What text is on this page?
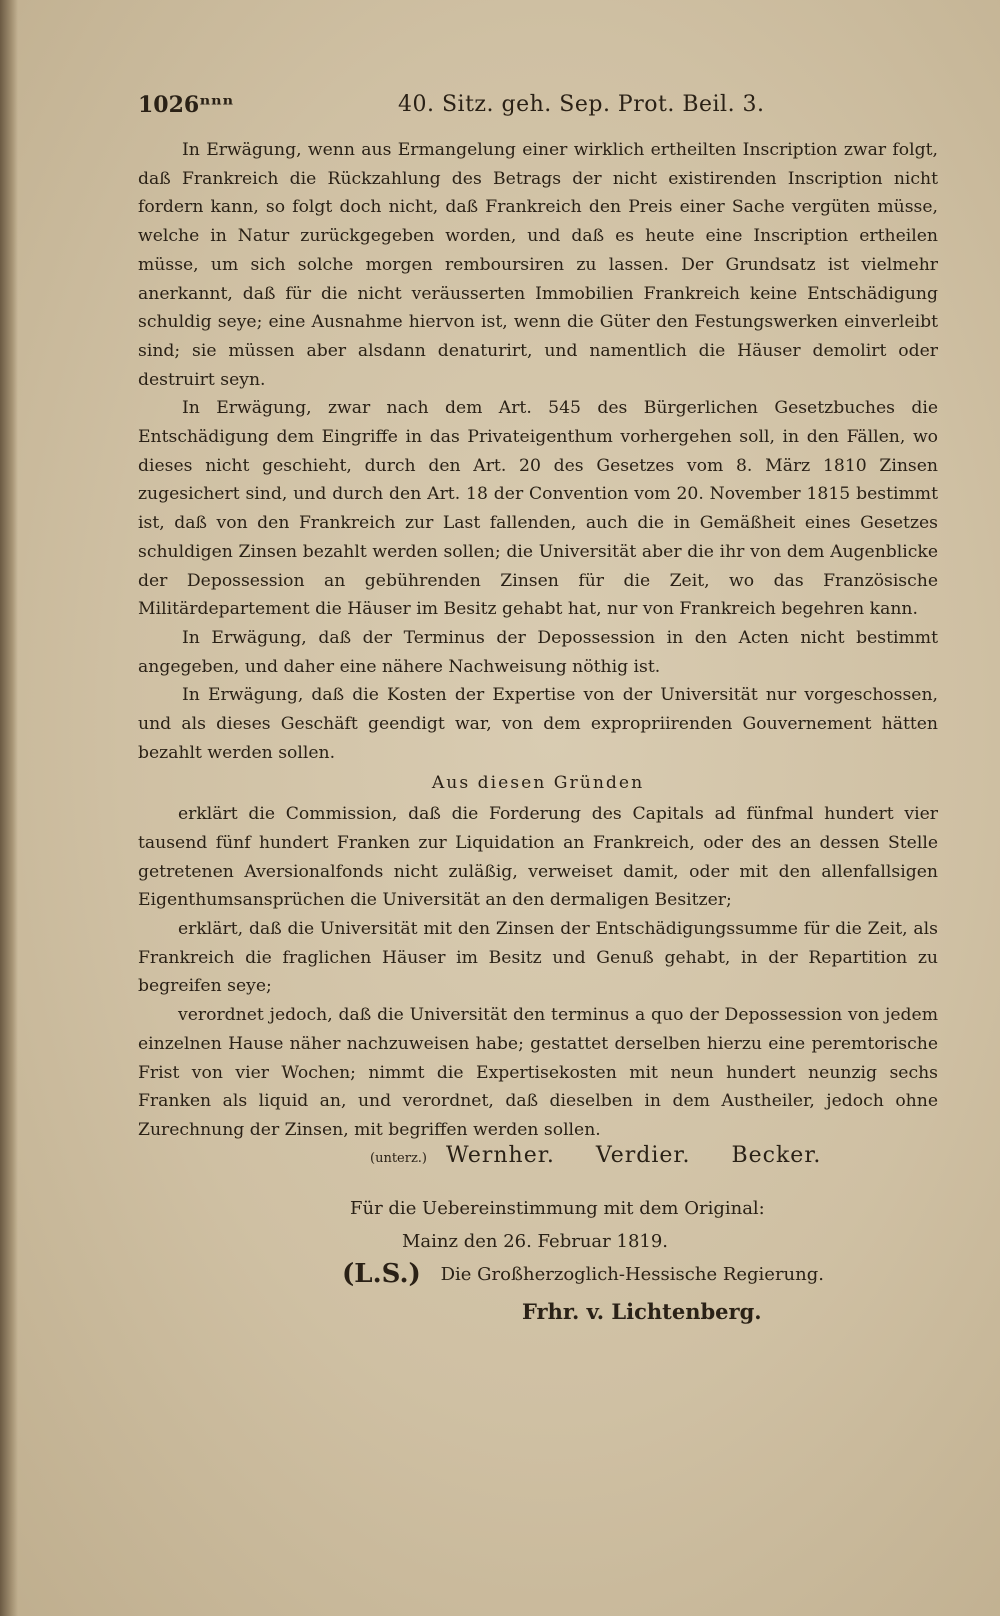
1026ⁿⁿⁿ	40. Sitz. geh. Sep. Prot. Beil. 3.

In Erwägung, wenn aus Ermangelung einer wirklich ertheilten Inscription zwar folgt, daß Frankreich die Rückzahlung des Betrags der nicht existirenden Inscription nicht fordern kann, so folgt doch nicht, daß Frankreich den Preis einer Sache vergüten müsse, welche in Natur zurückgegeben worden, und daß es heute eine Inscription ertheilen müsse, um sich solche morgen remboursiren zu lassen. Der Grundsatz ist vielmehr anerkannt, daß für die nicht veräusserten Immobilien Frankreich keine Entschädigung schuldig seye; eine Ausnahme hiervon ist, wenn die Güter den Festungswerken einverleibt sind; sie müssen aber alsdann denaturirt, und namentlich die Häuser demolirt oder destruirt seyn.

In Erwägung, zwar nach dem Art. 545 des Bürgerlichen Gesetzbuches die Entschädigung dem Eingriffe in das Privateigenthum vorhergehen soll, in den Fällen, wo dieses nicht geschieht, durch den Art. 20 des Gesetzes vom 8. März 1810 Zinsen zugesichert sind, und durch den Art. 18 der Convention vom 20. November 1815 bestimmt ist, daß von den Frankreich zur Last fallenden, auch die in Gemäßheit eines Gesetzes schuldigen Zinsen bezahlt werden sollen; die Universität aber die ihr von dem Augenblicke der Depossession an gebührenden Zinsen für die Zeit, wo das Französische Militärdepartement die Häuser im Besitz gehabt hat, nur von Frankreich begehren kann.

In Erwägung, daß der Terminus der Depossession in den Acten nicht bestimmt angegeben, und daher eine nähere Nachweisung nöthig ist.

In Erwägung, daß die Kosten der Expertise von der Universität nur vorgeschossen, und als dieses Geschäft geendigt war, von dem expropriirenden Gouvernement hätten bezahlt werden sollen.

Aus diesen Gründen

erklärt die Commission, daß die Forderung des Capitals ad fünfmal hundert vier tausend fünf hundert Franken zur Liquidation an Frankreich, oder des an dessen Stelle getretenen Aversionalfonds nicht zuläßig, verweiset damit, oder mit den allenfallsigen Eigenthumsansprüchen die Universität an den dermaligen Besitzer;

erklärt, daß die Universität mit den Zinsen der Entschädigungssumme für die Zeit, als Frankreich die fraglichen Häuser im Besitz und Genuß gehabt, in der Repartition zu begreifen seye;

verordnet jedoch, daß die Universität den terminus a quo der Depossession von jedem einzelnen Hause näher nachzuweisen habe; gestattet derselben hierzu eine peremtorische Frist von vier Wochen; nimmt die Expertisekosten mit neun hundert neunzig sechs Franken als liquid an, und verordnet, daß dieselben in dem Austheiler, jedoch ohne Zurechnung der Zinsen, mit begriffen werden sollen.

(unterz.) Wernher. Verdier. Becker.
Für die Uebereinstimmung mit dem Original:
Mainz den 26. Februar 1819.
(L.S.) Die Großherzoglich-Hessische Regierung.
Frhr. v. Lichtenberg.
